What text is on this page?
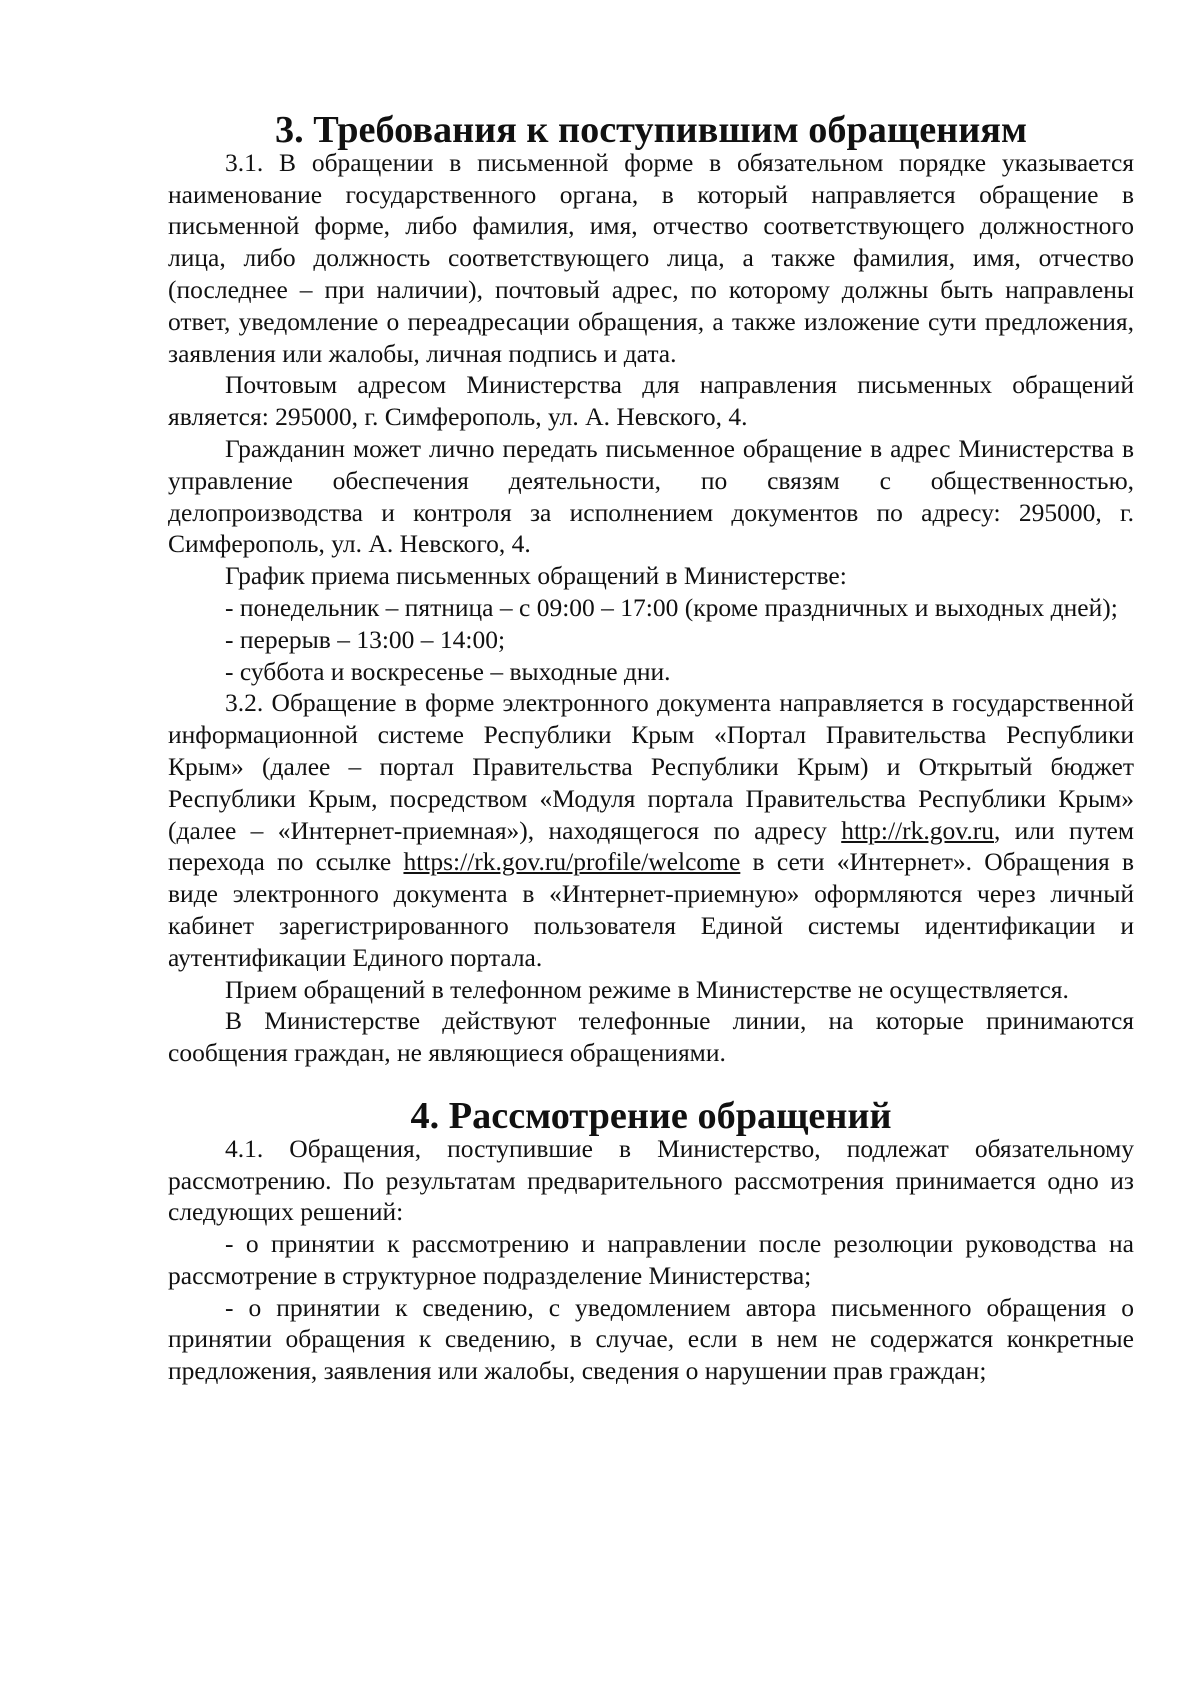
3. Требования к поступившим обращениям

3.1. В обращении в письменной форме в обязательном порядке указывается наименование государственного органа, в который направляется обращение в письменной форме, либо фамилия, имя, отчество соответствующего должностного лица, либо должность соответствующего лица, а также фамилия, имя, отчество (последнее – при наличии), почтовый адрес, по которому должны быть направлены ответ, уведомление о переадресации обращения, а также изложение сути предложения, заявления или жалобы, личная подпись и дата.

Почтовым адресом Министерства для направления письменных обращений является: 295000, г. Симферополь, ул. А. Невского, 4.

Гражданин может лично передать письменное обращение в адрес Министерства в управление обеспечения деятельности, по связям с общественностью, делопроизводства и контроля за исполнением документов по адресу: 295000, г. Симферополь, ул. А. Невского, 4.

График приема письменных обращений в Министерстве:

- понедельник – пятница – с 09:00 – 17:00 (кроме праздничных и выходных дней);

- перерыв – 13:00 – 14:00;

- суббота и воскресенье – выходные дни.

3.2. Обращение в форме электронного документа направляется в государственной информационной системе Республики Крым «Портал Правительства Республики Крым» (далее – портал Правительства Республики Крым) и Открытый бюджет Республики Крым, посредством «Модуля портала Правительства Республики Крым» (далее – «Интернет-приемная»), находящегося по адресу http://rk.gov.ru, или путем перехода по ссылке https://rk.gov.ru/profile/welcome в сети «Интернет». Обращения в виде электронного документа в «Интернет-приемную» оформляются через личный кабинет зарегистрированного пользователя Единой системы идентификации и аутентификации Единого портала.

Прием обращений в телефонном режиме в Министерстве не осуществляется.

В Министерстве действуют телефонные линии, на которые принимаются сообщения граждан, не являющиеся обращениями.

4. Рассмотрение обращений

4.1. Обращения, поступившие в Министерство, подлежат обязательному рассмотрению. По результатам предварительного рассмотрения принимается одно из следующих решений:

- о принятии к рассмотрению и направлении после резолюции руководства на рассмотрение в структурное подразделение Министерства;

- о принятии к сведению, с уведомлением автора письменного обращения о принятии обращения к сведению, в случае, если в нем не содержатся конкретные предложения, заявления или жалобы, сведения о нарушении прав граждан;
